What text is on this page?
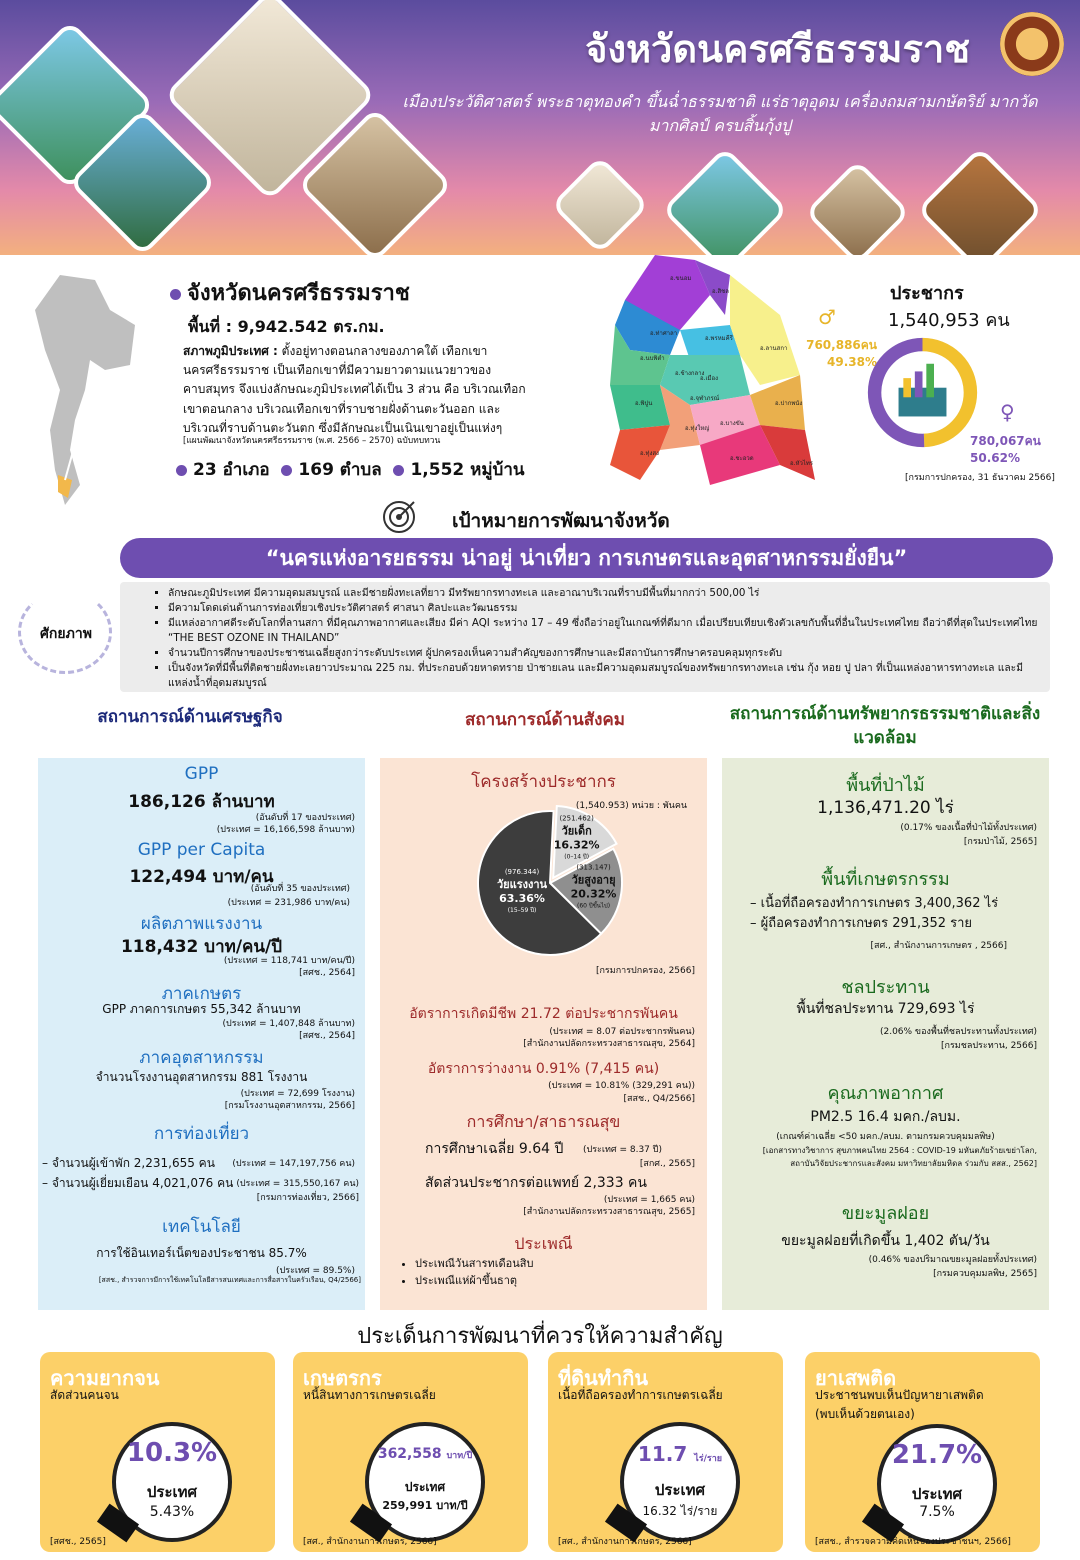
จังหวัดนครศรีธรรมราช
เมืองประวัติศาสตร์ พระธาตุทองคำ ขึ้นฉ่ำธรรมชาติ แร่ธาตุอุดม เครื่องถมสามกษัตริย์ มากวัด มากศิลป์ ครบสิ้นกุ้งปู
จังหวัดนครศรีธรรมราช
พื้นที่ : 9,942.542 ตร.กม.
สภาพภูมิประเทศ : ตั้งอยู่ทางตอนกลางของภาคใต้ เทือกเขานครศรีธรรมราช เป็นเทือกเขาที่มีความยาวตามแนวยาวของคาบสมุทร จึงแบ่งลักษณะภูมิประเทศได้เป็น 3 ส่วน คือ บริเวณเทือกเขาตอนกลาง บริเวณเทือกเขาที่ราบชายฝั่งด้านตะวันออก และบริเวณที่ราบด้านตะวันตก ซึ่งมีลักษณะเป็นเนินเขาอยู่เป็นแห่งๆ
[แผนพัฒนาจังหวัดนครศรีธรรมราช (พ.ศ. 2566 – 2570) ฉบับทบทวน
23 อำเภอ 169 ตำบล 1,552 หมู่บ้าน
อ.ขนอม
อ.สิชล
อ.ท่าศาลา
อ.พรหมคีรี
อ.นบพิตำ
อ.พิปูน
อ.เมือง
อ.ลานสกา
อ.ช้างกลาง
อ.ทุ่งสง
อ.ปากพนัง
อ.หัวไทร
อ.ทุ่งใหญ่
อ.บางขัน
อ.ชะอวด
อ.จุฬาภรณ์
ประชากร
1,540,953 คน
♂
760,886คน
49.38%
♀
780,067คน
50.62%
[กรมการปกครอง, 31 ธันวาคม 2566]
เป้าหมายการพัฒนาจังหวัด
“นครแห่งอารยธรรม น่าอยู่ น่าเที่ยว การเกษตรและอุตสาหกรรมยั่งยืน”
ศักยภาพ
▪ ลักษณะภูมิประเทศ มีความอุดมสมบูรณ์ และมีชายฝั่งทะเลที่ยาว มีทรัพยากรทางทะเล และอาณาบริเวณที่ราบมีพื้นที่มากกว่า 500,00 ไร่
▪ มีความโดดเด่นด้านการท่องเที่ยวเชิงประวัติศาสตร์ ศาสนา ศิลปะและวัฒนธรรม
▪ มีแหล่งอากาศดีระดับโลกที่ลานสกา ที่มีคุณภาพอากาศและเสียง มีค่า AQI ระหว่าง 17 – 49 ซึ่งถือว่าอยู่ในเกณฑ์ที่ดีมาก เมื่อเปรียบเทียบเชิงตัวเลขกับพื้นที่อื่นในประเทศไทย ถือว่าดีที่สุดในประเทศไทย “THE BEST OZONE IN THAILAND”
▪ จำนวนปีการศึกษาของประชาชนเฉลี่ยสูงกว่าระดับประเทศ ผู้ปกครองเห็นความสำคัญของการศึกษาและมีสถาบันการศึกษาครอบคลุมทุกระดับ
▪ เป็นจังหวัดที่มีพื้นที่ติดชายฝั่งทะเลยาวประมาณ 225 กม. ที่ประกอบด้วยหาดทราย ป่าชายเลน และมีความอุดมสมบูรณ์ของทรัพยากรทางทะเล เช่น กุ้ง หอย ปู ปลา ที่เป็นแหล่งอาหารทางทะเล และมีแหล่งน้ำที่อุดมสมบูรณ์
สถานการณ์ด้านเศรษฐกิจ	สถานการณ์ด้านสังคม	สถานการณ์ด้านทรัพยากรธรรมชาติและสิ่งแวดล้อม
GPP
186,126 ล้านบาท
(อันดับที่ 17 ของประเทศ)
(ประเทศ = 16,166,598 ล้านบาท)
GPP per Capita
122,494 บาท/คน
(อันดับที่ 35 ของประเทศ)
(ประเทศ = 231,986 บาท/คน)
ผลิตภาพแรงงาน
118,432 บาท/คน/ปี
(ประเทศ = 118,741 บาท/คน/ปี)
[สศช., 2564]
ภาคเกษตร
GPP ภาคการเกษตร 55,342 ล้านบาท
(ประเทศ = 1,407,848 ล้านบาท)
[สศช., 2564]
ภาคอุตสาหกรรม
จำนวนโรงงานอุตสาหกรรม 881 โรงงาน
(ประเทศ = 72,699 โรงงาน)
[กรมโรงงานอุตสาหกรรม, 2566]
การท่องเที่ยว
– จำนวนผู้เข้าพัก 2,231,655 คน (ประเทศ = 147,197,756 คน)
– จำนวนผู้เยี่ยมเยือน 4,021,076 คน (ประเทศ = 315,550,167 คน)
[กรมการท่องเที่ยว, 2566]
เทคโนโลยี
การใช้อินเทอร์เน็ตของประชาชน 85.7%
(ประเทศ = 89.5%)
[สสช., สำรวจการมีการใช้เทคโนโลยีสารสนเทศและการสื่อสารในครัวเรือน, Q4/2566]
โครงสร้างประชากร
(1,540.953) หน่วย : พันคน
(251.462)
วัยเด็ก
16.32%
(0–14 ปี)
(313.147)
วัยสูงอายุ
20.32%
(60 ปีขึ้นไป)
(976.344)
วัยแรงงาน
63.36%
(15–59 ปี)
[กรมการปกครอง, 2566]
อัตราการเกิดมีชีพ 21.72 ต่อประชากรพันคน
(ประเทศ = 8.07 ต่อประชากรพันคน)
[สำนักงานปลัดกระทรวงสาธารณสุข, 2564]
อัตราการว่างงาน 0.91% (7,415 คน)
(ประเทศ = 10.81% (329,291 คน))
[สสช., Q4/2566]
การศึกษา/สาธารณสุข
การศึกษาเฉลี่ย 9.64 ปี (ประเทศ = 8.37 ปี)
[สกศ., 2565]
สัดส่วนประชากรต่อแพทย์ 2,333 คน
(ประเทศ = 1,665 คน)
[สำนักงานปลัดกระทรวงสาธารณสุข, 2565]
ประเพณี
• ประเพณีวันสารทเดือนสิบ
• ประเพณีแห่ผ้าขึ้นธาตุ
พื้นที่ป่าไม้
1,136,471.20 ไร่
(0.17% ของเนื้อที่ป่าไม้ทั้งประเทศ)
[กรมป่าไม้, 2565]
พื้นที่เกษตรกรรม
– เนื้อที่ถือครองทำการเกษตร 3,400,362 ไร่
– ผู้ถือครองทำการเกษตร 291,352 ราย
[สศ., สำนักงานการเกษตร , 2566]
ชลประทาน
พื้นที่ชลประทาน 729,693 ไร่
(2.06% ของพื้นที่ชลประทานทั้งประเทศ)
[กรมชลประทาน, 2566]
คุณภาพอากาศ
PM2.5 16.4 มคก./ลบม.
(เกณฑ์ค่าเฉลี่ย <50 มคก./ลบม. ตามกรมควบคุมมลพิษ)
[เอกสารทางวิชาการ สุขภาพคนไทย 2564 : COVID-19 มหันตภัยร้ายเขย่าโลก, สถาบันวิจัยประชากรและสังคม มหาวิทยาลัยมหิดล ร่วมกับ สสส., 2562]
ขยะมูลฝอย
ขยะมูลฝอยที่เกิดขึ้น 1,402 ตัน/วัน
(0.46% ของปริมาณขยะมูลฝอยทั้งประเทศ)
[กรมควบคุมมลพิษ, 2565]
ประเด็นการพัฒนาที่ควรให้ความสำคัญ
ความยากจน
สัดส่วนคนจน
10.3%
ประเทศ
5.43%
[สศช., 2565]
เกษตรกร
หนี้สินทางการเกษตรเฉลี่ย
362,558 บาท/ปี
ประเทศ
259,991 บาท/ปี
[สศ., สำนักงานการเกษตร, 2566]
ที่ดินทำกิน
เนื้อที่ถือครองทำการเกษตรเฉลี่ย
11.7 ไร่/ราย
ประเทศ
16.32 ไร่/ราย
[สศ., สำนักงานการเกษตร, 2566]
ยาเสพติด
ประชาชนพบเห็นปัญหายาเสพติด (พบเห็นด้วยตนเอง)
21.7%
ประเทศ
7.5%
[สสช., สำรวจความคิดเห็นของประชาชนฯ, 2566]
